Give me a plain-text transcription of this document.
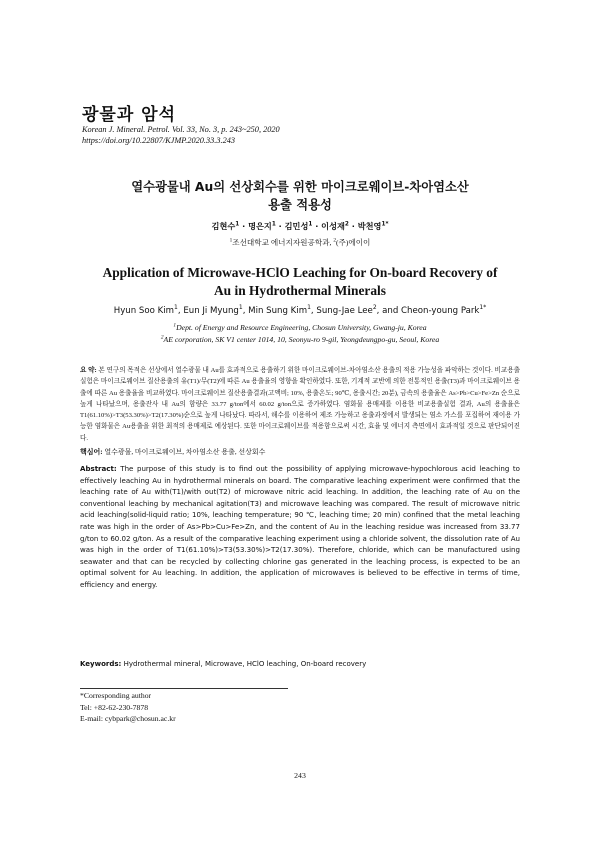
광물과 암석
Korean J. Mineral. Petrol. Vol. 33, No. 3, p. 243~250, 2020
https://doi.org/10.22807/KJMP.2020.33.3.243
열수광물내 Au의 선상회수를 위한 마이크로웨이브-차아염소산
용출 적용성
김현수$^1$ · 명은지$^1$ · 김민성$^1$ · 이성재$^2$ · 박천영$^{1*}$
$^1$조선대학교 에너지자원공학과, $^2$(주)에이이
Application of Microwave-HClO Leaching for On-board Recovery of
Au in Hydrothermal Minerals
Hyun Soo Kim$^1$, Eun Ji Myung$^1$, Min Sung Kim$^1$, Sung-Jae Lee$^2$, and Cheon-young Park$^{1*}$
$^1$Dept. of Energy and Resource Engineering, Chosun University, Gwang-ju, Korea
$^2$AE corporation, SK V1 center 1014, 10, Seonyu-ro 9-gil, Yeongdeungpo-gu, Seoul, Korea
요 약: 본 연구의 목적은 선상에서 열수광물 내 Au를 효과적으로 용출하기 위한 마이크로웨이브-차아염소산 용출의 적용 가능성을 파악하는 것이다. 비교용출실험은 마이크로웨이브 질산용출의 유(T1)/무(T2)에 따른 Au 용출율의 영향을 확인하였다. 또한, 기계적 교반에 의한 전통적인 용출(T3)과 마이크로웨이브 용출에 따른 Au 용출율을 비교하였다. 마이크로웨이브 질산용출결과(고액비; 10%, 용출온도; 90℃, 용출시간; 20분), 금속의 용출율은 As>Pb>Cu>Fe>Zn 순으로 높게 나타났으며, 용출잔사 내 Au의 함량은 33.77 g/ton에서 60.02 g/ton으로 증가하였다. 염화물 용매제를 이용한 비교용출실험 결과, Au의 용출율은 T1(61.10%)>T3(53.30%)>T2(17.30%)순으로 높게 나타났다. 따라서, 해수를 이용하여 제조 가능하고 용출과정에서 발생되는 염소 가스를 포집하여 재이용 가능한 염화물은 Au용출을 위한 최적의 용매제로 예상된다. 또한 마이크로웨이브를 적용함으로써 시간, 효율 및 에너지 측면에서 효과적일 것으로 판단되어진다.
핵심어: 열수광물, 마이크로웨이브, 차아염소산 용출, 선상회수
Abstract: The purpose of this study is to find out the possibility of applying microwave-hypochlorous acid leaching to effectively leaching Au in hydrothermal minerals on board. The comparative leaching experiment were confirmed that the leaching rate of Au with(T1)/with out(T2) of microwave nitric acid leaching. In addition, the leaching rate of Au on the conventional leaching by mechanical agitation(T3) and microwave leaching was compared. The result of microwave nitric acid leaching(solid-liquid ratio; 10%, leaching temperature; 90 ℃, leaching time; 20 min) confined that the metal leaching rate was high in the order of As>Pb>Cu>Fe>Zn, and the content of Au in the leaching residue was increased from 33.77 g/ton to 60.02 g/ton. As a result of the comparative leaching experiment using a chloride solvent, the dissolution rate of Au was high in the order of T1(61.10%)>T3(53.30%)>T2(17.30%). Therefore, chloride, which can be manufactured using seawater and that can be recycled by collecting chlorine gas generated in the leaching process, is expected to be an optimal solvent for Au leaching. In addition, the application of microwaves is believed to be effective in terms of time, efficiency and energy.
Keywords: Hydrothermal mineral, Microwave, HClO leaching, On-board recovery
*Corresponding author
Tel: +82-62-230-7878
E-mail: cybpark@chosun.ac.kr
243
